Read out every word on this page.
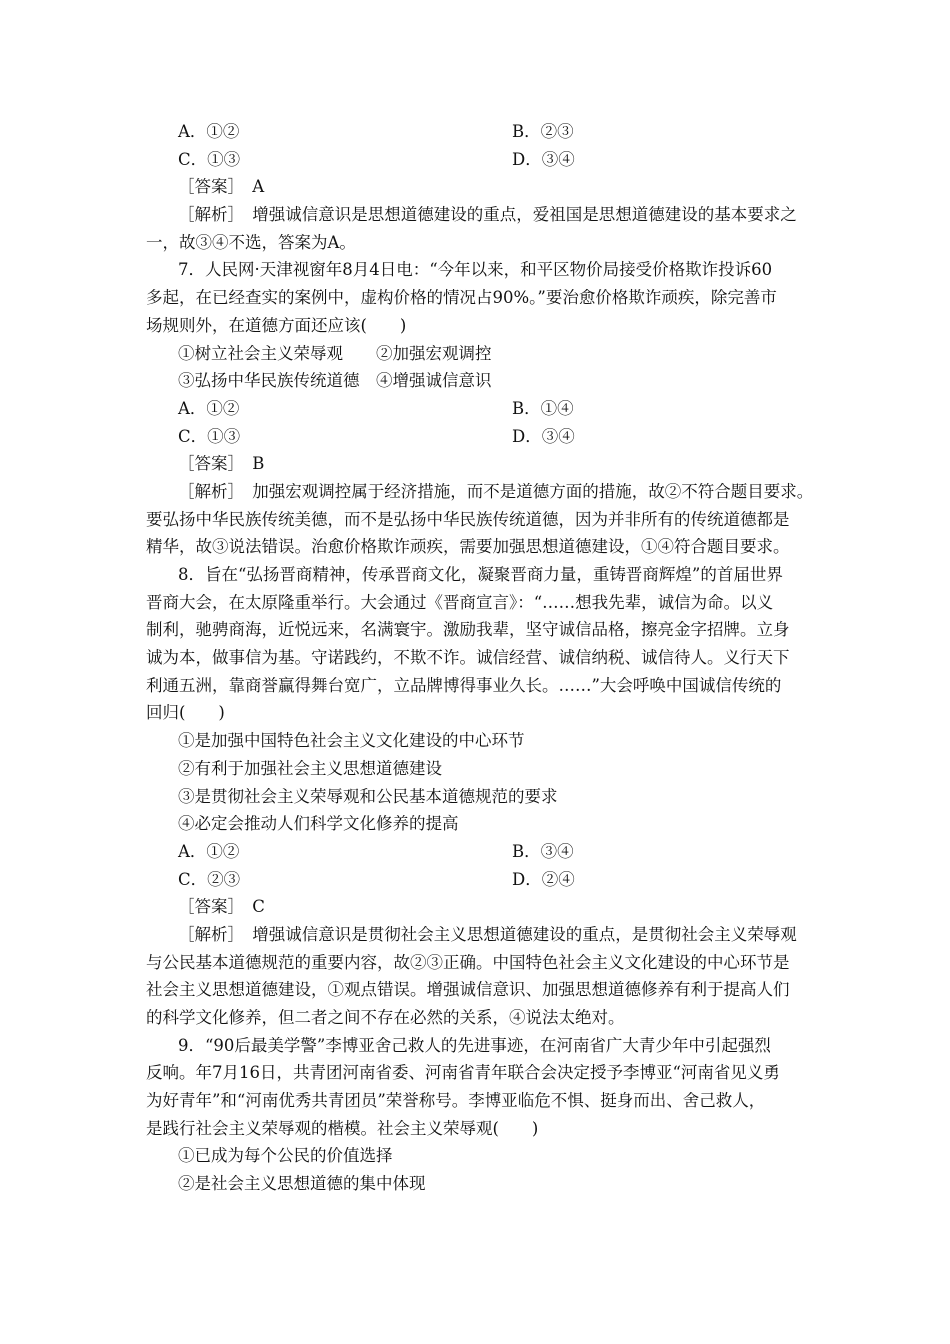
A．①②	B．②③
C．①③	D．③④
［答案］　A
［解析］　增强诚信意识是思想道德建设的重点，爱祖国是思想道德建设的基本要求之
一，故③④不选，答案为A。
7．人民网·天津视窗年8月4日电：“今年以来，和平区物价局接受价格欺诈投诉60
多起，在已经查实的案例中，虚构价格的情况占90%。”要治愈价格欺诈顽疾，除完善市
场规则外，在道德方面还应该(　　)
①树立社会主义荣辱观　　②加强宏观调控
③弘扬中华民族传统道德　④增强诚信意识
A．①②	B．①④
C．①③	D．③④
［答案］　B
［解析］　加强宏观调控属于经济措施，而不是道德方面的措施，故②不符合题目要求。
要弘扬中华民族传统美德，而不是弘扬中华民族传统道德，因为并非所有的传统道德都是
精华，故③说法错误。治愈价格欺诈顽疾，需要加强思想道德建设，①④符合题目要求。
8．旨在“弘扬晋商精神，传承晋商文化，凝聚晋商力量，重铸晋商辉煌”的首届世界
晋商大会，在太原隆重举行。大会通过《晋商宣言》：“……想我先辈，诚信为命。以义
制利，驰骋商海，近悦远来，名满寰宇。激励我辈，坚守诚信品格，擦亮金字招牌。立身
诚为本，做事信为基。守诺践约，不欺不诈。诚信经营、诚信纳税、诚信待人。义行天下
利通五洲，靠商誉赢得舞台宽广，立品牌博得事业久长。……”大会呼唤中国诚信传统的
回归(　　)
①是加强中国特色社会主义文化建设的中心环节
②有利于加强社会主义思想道德建设
③是贯彻社会主义荣辱观和公民基本道德规范的要求
④必定会推动人们科学文化修养的提高
A．①②	B．③④
C．②③	D．②④
［答案］　C
［解析］　增强诚信意识是贯彻社会主义思想道德建设的重点，是贯彻社会主义荣辱观
与公民基本道德规范的重要内容，故②③正确。中国特色社会主义文化建设的中心环节是
社会主义思想道德建设，①观点错误。增强诚信意识、加强思想道德修养有利于提高人们
的科学文化修养，但二者之间不存在必然的关系，④说法太绝对。
9．“90后最美学警”李博亚舍己救人的先进事迹，在河南省广大青少年中引起强烈
反响。年7月16日，共青团河南省委、河南省青年联合会决定授予李博亚“河南省见义勇
为好青年”和“河南优秀共青团员”荣誉称号。李博亚临危不惧、挺身而出、舍己救人，
是践行社会主义荣辱观的楷模。社会主义荣辱观(　　)
①已成为每个公民的价值选择
②是社会主义思想道德的集中体现
